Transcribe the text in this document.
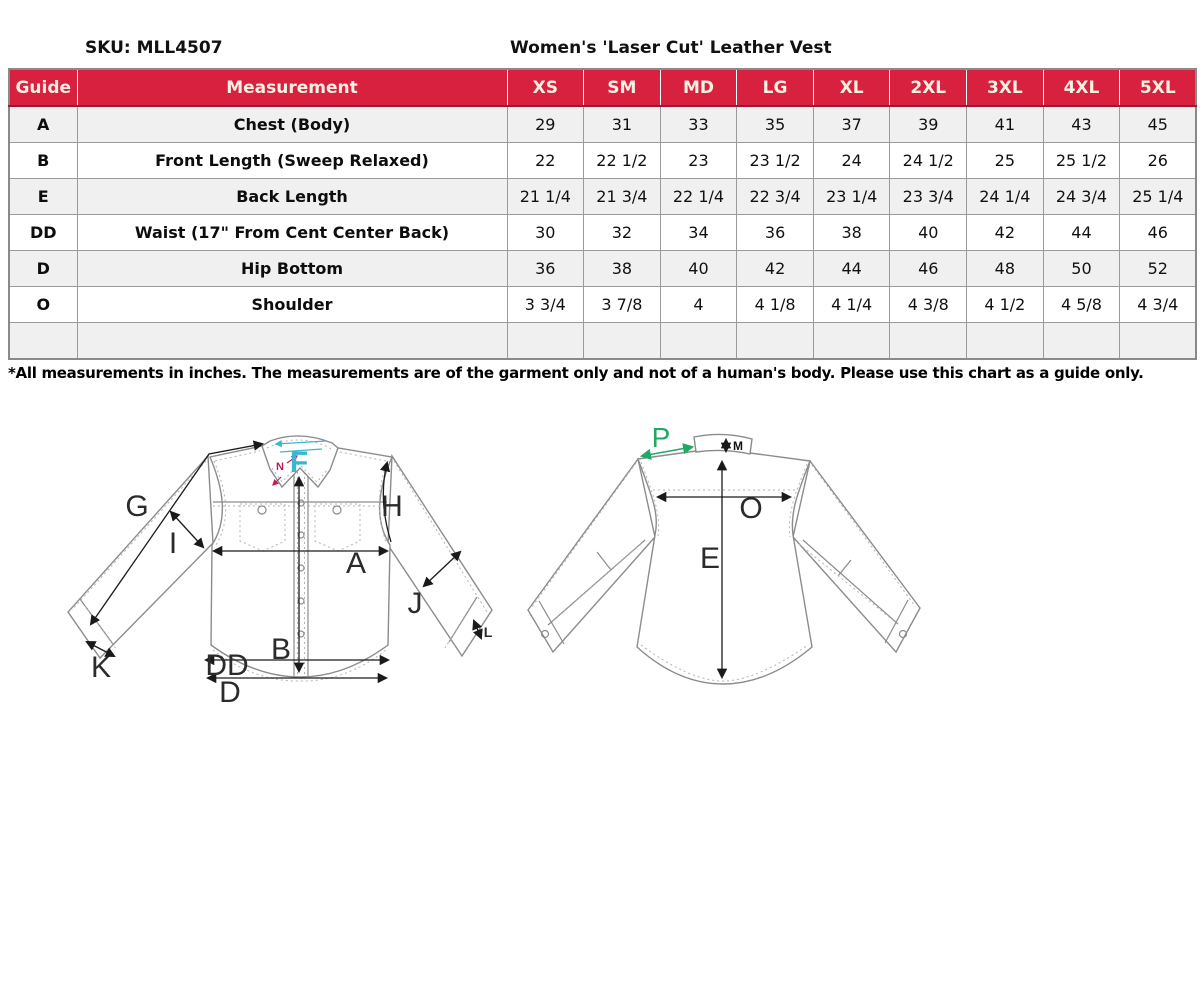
SKU: MLL4507	Women's 'Laser Cut' Leather Vest
Guide	Measurement	XS	SM	MD	LG	XL	2XL	3XL	4XL	5XL
A	Chest (Body)	29	31	33	35	37	39	41	43	45
B	Front Length (Sweep Relaxed)	22	22 1/2	23	23 1/2	24	24 1/2	25	25 1/2	26
E	Back Length	21 1/4	21 3/4	22 1/4	22 3/4	23 1/4	23 3/4	24 1/4	24 3/4	25 1/4
DD	Waist (17" From Cent Center Back)	30	32	34	36	38	40	42	44	46
D	Hip Bottom	36	38	40	42	44	46	48	50	52
O	Shoulder	3 3/4	3 7/8	4	4 1/8	4 1/4	4 3/8	4 1/2	4 5/8	4 3/4

*All measurements in inches. The measurements are of the garment only and not of a human's body. Please use this chart as a guide only.
G
I
H
A
J
K
B
DD
D
L
F
N
P	M
O
E
